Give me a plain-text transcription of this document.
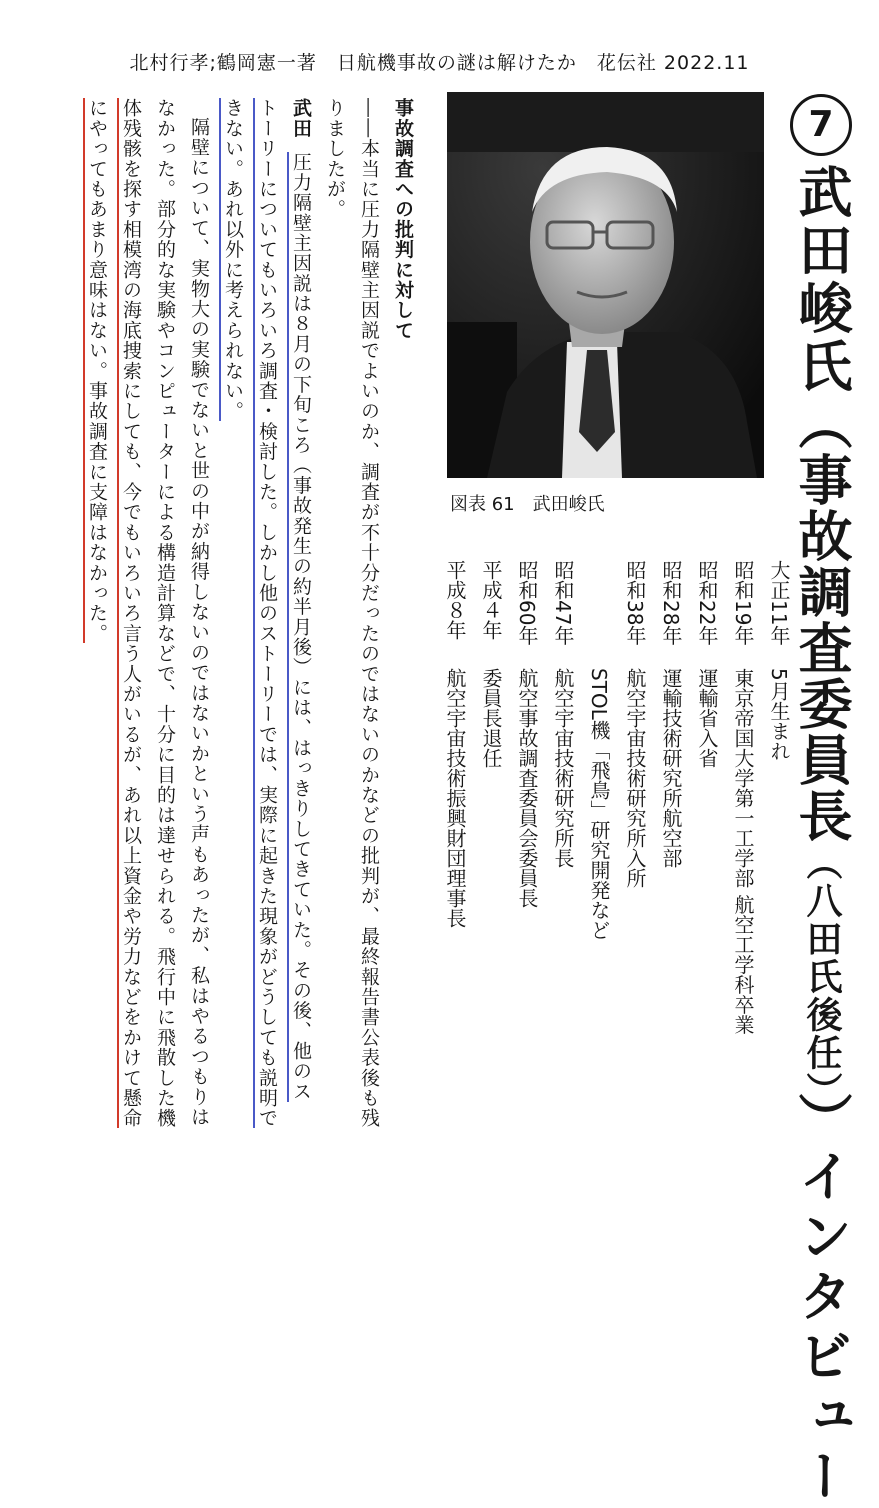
北村行孝;鶴岡憲一著　日航機事故の謎は解けたか　花伝社 2022.11
7武田峻氏（事故調査委員長（八田氏後任））インタビュー
図表 61　武田峻氏
大正11年5月生まれ
昭和19年東京帝国大学第一工学部 航空工学科卒業
昭和22年運輸省入省
昭和28年運輸技術研究所航空部
昭和38年航空宇宙技術研究所入所
STOL機「飛鳥」研究開発など
昭和47年航空宇宙技術研究所長
昭和60年航空事故調査委員会委員長
平成４年委員長退任
平成８年航空宇宙技術振興財団理事長
事故調査への批判に対して
――本当に圧力隔壁主因説でよいのか、調査が不十分だったのではないのかなどの批判が、最終報告書公表後も残
りましたが。
武田圧力隔壁主因説は８月の下旬ころ（事故発生の約半月後）には、はっきりしてきていた。その後、他のス
トーリーについてもいろいろ調査・検討した。しかし他のストーリーでは、実際に起きた現象がどうしても説明で
きない。あれ以外に考えられない。
隔壁について、実物大の実験でないと世の中が納得しないのではないかという声もあったが、私はやるつもりは
なかった。部分的な実験やコンピューターによる構造計算などで、十分に目的は達せられる。飛行中に飛散した機
体残骸を探す相模湾の海底捜索にしても、今でもいろいろ言う人がいるが、あれ以上資金や労力などをかけて懸命
にやってもあまり意味はない。事故調査に支障はなかった。
